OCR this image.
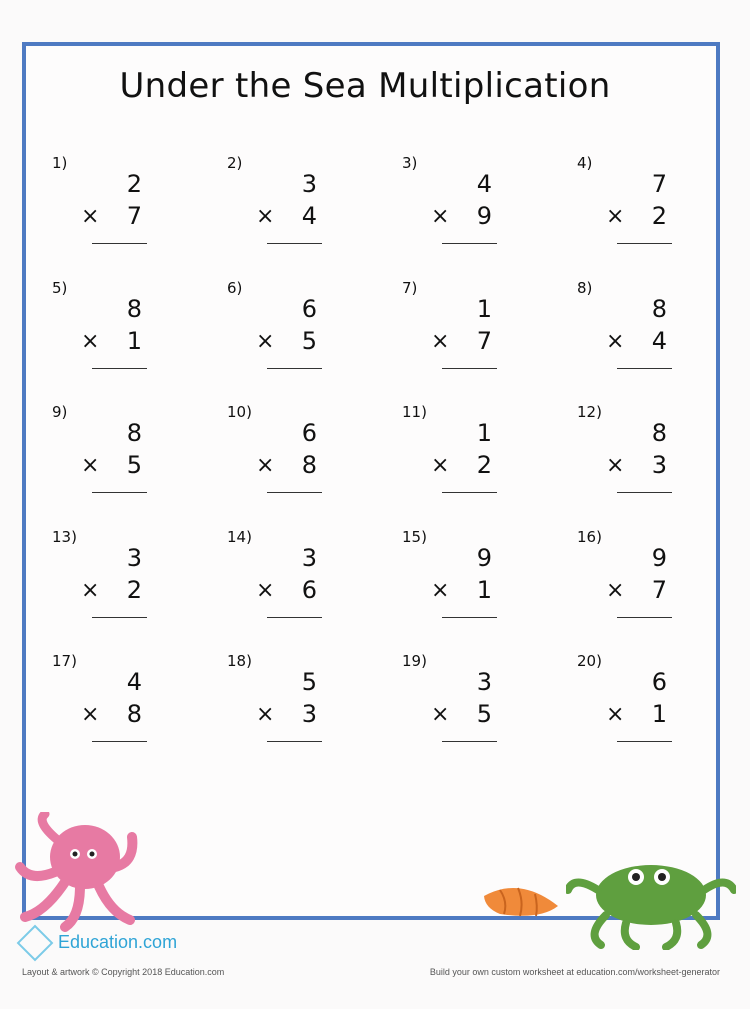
Under the Sea Multiplication
1)
2
× 7
2)
3
× 4
3)
4
× 9
4)
7
× 2
5)
8
× 1
6)
6
× 5
7)
1
× 7
8)
8
× 4
9)
8
× 5
10)
6
× 8
11)
1
× 2
12)
8
× 3
13)
3
× 2
14)
3
× 6
15)
9
× 1
16)
9
× 7
17)
4
× 8
18)
5
× 3
19)
3
× 5
20)
6
× 1
Education.com
Layout & artwork © Copyright 2018 Education.com	Build your own custom worksheet at education.com/worksheet-generator
